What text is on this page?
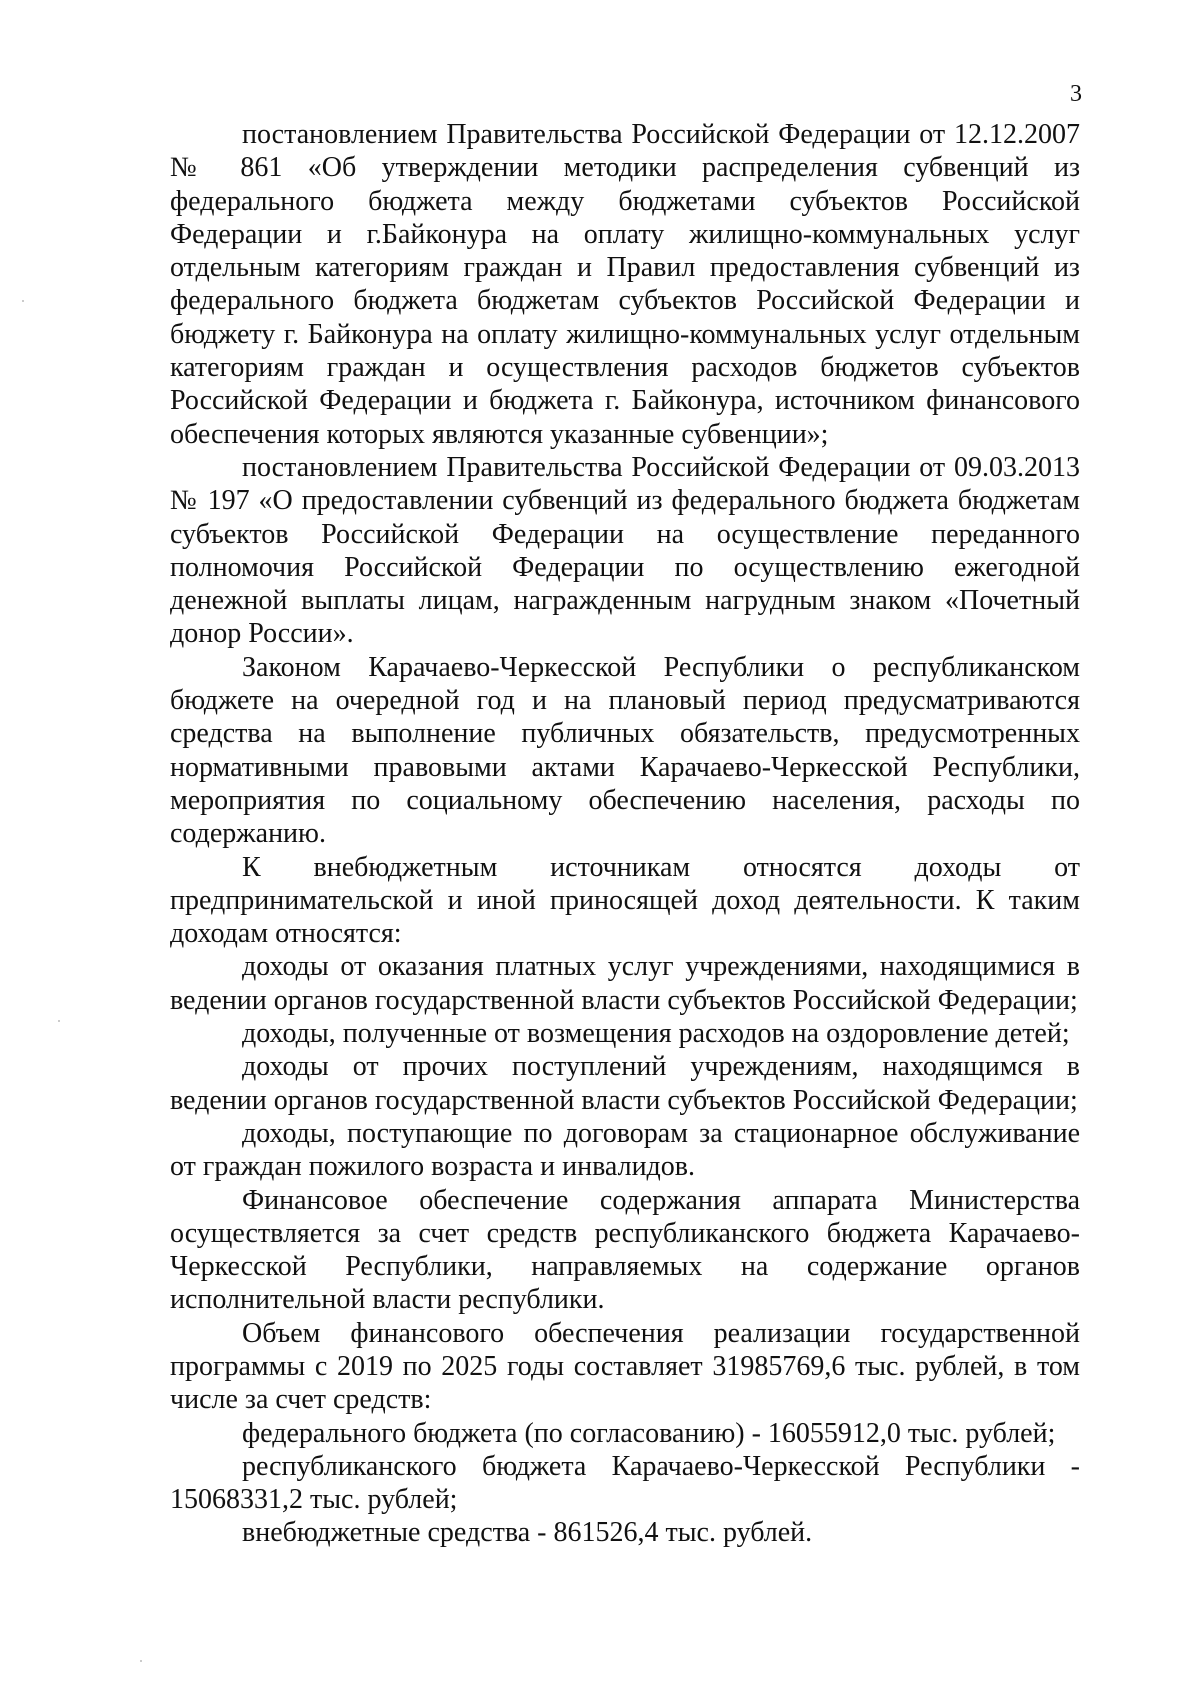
3

постановлением Правительства Российской Федерации от 12.12.2007 № 861 «Об утверждении методики распределения субвенций из федерального бюджета между бюджетами субъектов Российской Федерации и г.Байконура на оплату жилищно-коммунальных услуг отдельным категориям граждан и Правил предоставления субвенций из федерального бюджета бюджетам субъектов Российской Федерации и бюджету г. Байконура на оплату жилищно-коммунальных услуг отдельным категориям граждан и осуществления расходов бюджетов субъектов Российской Федерации и бюджета г. Байконура, источником финансового обеспечения которых являются указанные субвенции»;

постановлением Правительства Российской Федерации от 09.03.2013 № 197 «О предоставлении субвенций из федерального бюджета бюджетам субъектов Российской Федерации на осуществление переданного полномочия Российской Федерации по осуществлению ежегодной денежной выплаты лицам, награжденным нагрудным знаком «Почетный донор России».

Законом Карачаево-Черкесской Республики о республиканском бюджете на очередной год и на плановый период предусматриваются средства на выполнение публичных обязательств, предусмотренных нормативными правовыми актами Карачаево-Черкесской Республики, мероприятия по социальному обеспечению населения, расходы по содержанию.

К внебюджетным источникам относятся доходы от предпринимательской и иной приносящей доход деятельности. К таким доходам относятся:

доходы от оказания платных услуг учреждениями, находящимися в ведении органов государственной власти субъектов Российской Федерации;

доходы, полученные от возмещения расходов на оздоровление детей;

доходы от прочих поступлений учреждениям, находящимся в ведении органов государственной власти субъектов Российской Федерации;

доходы, поступающие по договорам за стационарное обслуживание от граждан пожилого возраста и инвалидов.

Финансовое обеспечение содержания аппарата Министерства осуществляется за счет средств республиканского бюджета Карачаево-Черкесской Республики, направляемых на содержание органов исполнительной власти республики.

Объем финансового обеспечения реализации государственной программы с 2019 по 2025 годы составляет 31985769,6 тыс. рублей, в том числе за счет средств:

федерального бюджета (по согласованию) - 16055912,0 тыс. рублей;

республиканского бюджета Карачаево-Черкесской Республики - 15068331,2 тыс. рублей;

внебюджетные средства - 861526,4 тыс. рублей.
